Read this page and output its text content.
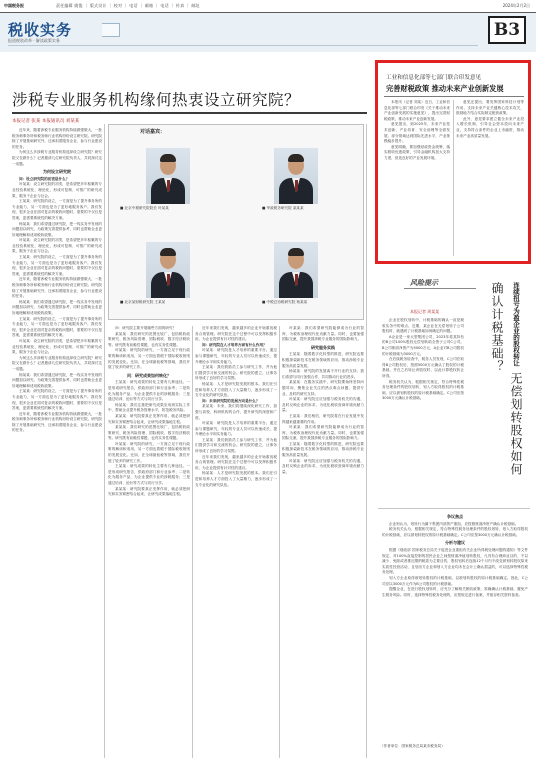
中国税务报	责任编辑 姚俊 ｜ 版式设计 ｜ 校对 ｜ 电话 ｜ 邮箱 ｜ 电话 ｜ 传真 ｜ 邮址	2024年2月2日
税收实务
报道税收改革 · 解读政策实务
B3
涉税专业服务机构缘何热衷设立研究院？
本报记者 张某 本报通讯员 刘某某

近年来，随着涉税专业服务机构持续做强做大，一批税务师事务所和税务师行业机构纷纷设立研究院。研究院除了开展基础研究外，还承担着服务企业、参与行业建设的任务。

为何这么多涉税专业服务机构选择设立研究院？研究院又在做什么？记者邀请几位研究院负责人，共同探讨这一话题。

为何设立研究院

问：设立研究院的初衷是什么？

叶某某：设立研究院的初衷，是希望把多年积累的专业经验系统化、理论化，形成可复制、可推广的研究成果，服务于企业与社会。

王某某：研究院的设立，一方面是为了提升事务所的专业能力，另一方面也是为了更好地服务客户。我们发现，很多企业在面对复杂的税收问题时，需要的不仅仅是答案，更需要系统性的解决方案。

杨某某：我们希望通过研究院，把一线实务中发现的问题加以研究，为政策完善提供参考，同时也帮助企业更好地理解和适用税收政策。

叶某某：设立研究院的初衷，是希望把多年积累的专业经验系统化、理论化，形成可复制、可推广的研究成果，服务于企业与社会。

王某某：研究院的设立，一方面是为了提升事务所的专业能力，另一方面也是为了更好地服务客户。我们发现，很多企业在面对复杂的税收问题时，需要的不仅仅是答案，更需要系统性的解决方案。

近年来，随着涉税专业服务机构持续做强做大，一批税务师事务所和税务师行业机构纷纷设立研究院。研究院除了开展基础研究外，还承担着服务企业、参与行业建设的任务。

杨某某：我们希望通过研究院，把一线实务中发现的问题加以研究，为政策完善提供参考，同时也帮助企业更好地理解和适用税收政策。

王某某：研究院的设立，一方面是为了提升事务所的专业能力，另一方面也是为了更好地服务客户。我们发现，很多企业在面对复杂的税收问题时，需要的不仅仅是答案，更需要系统性的解决方案。

叶某某：设立研究院的初衷，是希望把多年积累的专业经验系统化、理论化，形成可复制、可推广的研究成果，服务于企业与社会。

为何这么多涉税专业服务机构选择设立研究院？研究院又在做什么？记者邀请几位研究院负责人，共同探讨这一话题。

杨某某：我们希望通过研究院，把一线实务中发现的问题加以研究，为政策完善提供参考，同时也帮助企业更好地理解和适用税收政策。

王某某：研究院的设立，一方面是为了提升事务所的专业能力，另一方面也是为了更好地服务客户。我们发现，很多企业在面对复杂的税收问题时，需要的不仅仅是答案，更需要系统性的解决方案。

近年来，随着涉税专业服务机构持续做强做大，一批税务师事务所和税务师行业机构纷纷设立研究院。研究院除了开展基础研究外，还承担着服务企业、参与行业建设的任务。

对话嘉宾：
■ 北京中税研究院院长 叶某某	■ 华政税务研究院 某某某
■ 北京某财税研究院 王某某	■ 中税总协税研究院 杨某某

问：研究院主要开展哪些方面的研究？

某某某：我们研究的范围比较广，包括税收政策研究、税务风险管理、国际税收、数字经济税收等。研究既有前瞻性课题，也有实务性课题。

叶某某：研究院的研究，一方面立足于现行政策的解读和适用，另一方面也着眼于国际税收规则的发展变化。比如，在全球最低税等领域，我们开展了较多的研究工作。

问：研究成果如何转化？

王某某：研究成果的转化主要有几种途径。一是形成研究报告，供政府部门和行业参考；二是转化为服务产品，为企业提供专业的涉税服务；三是通过培训、论坛等方式与同行分享。

杨某某：我们注重把研究成果应用到实际工作中，帮助企业提升税务管理水平，防范税务风险。

某某某：研究院要真正发挥作用，就必须把研究和实务紧密结合起来，让研究成果落地生根。

某某某：我们研究的范围比较广，包括税收政策研究、税务风险管理、国际税收、数字经济税收等。研究既有前瞻性课题，也有实务性课题。

叶某某：研究院的研究，一方面立足于现行政策的解读和适用，另一方面也着眼于国际税收规则的发展变化。比如，在全球最低税等领域，我们开展了较多的研究工作。

王某某：研究成果的转化主要有几种途径。一是形成研究报告，供政府部门和行业参考；二是转化为服务产品，为企业提供专业的涉税服务；三是通过培训、论坛等方式与同行分享。

某某某：研究院要真正发挥作用，就必须把研究和实务紧密结合起来，让研究成果落地生根。

近年来我们发现，越来越多的企业开始重视税务合规管理。研究院在这个过程中可以发挥积极作用，为企业提供有针对性的建议。

问：研究院在人才培养方面有什么作用？

叶某某：研究院是人才培养的重要平台。通过参与课题研究，年轻的专业人员可以快速成长，提升理论水平和实务能力。

王某某：我们鼓励员工参与研究工作，并为他们提供学习和交流的机会。研究院的建立，让事务所形成了良好的学习氛围。

杨某某：人才是研究院发展的根本。我们在引进和培养人才方面投入了大量精力，逐步形成了一支专业化的研究队伍。

问：未来研究院的发展方向是什么？

某某某：未来，我们将继续深化研究工作，加强与高校、科研机构的合作，提升研究的深度和广度。

叶某某：研究院是人才培养的重要平台。通过参与课题研究，年轻的专业人员可以快速成长，提升理论水平和实务能力。

王某某：我们鼓励员工参与研究工作，并为他们提供学习和交流的机会。研究院的建立，让事务所形成了良好的学习氛围。

近年来我们发现，越来越多的企业开始重视税务合规管理。研究院在这个过程中可以发挥积极作用，为企业提供有针对性的建议。

杨某某：人才是研究院发展的根本。我们在引进和培养人才方面投入了大量精力，逐步形成了一支专业化的研究队伍。

叶某某：我们希望研究院能够成为行业的智库，为税收治理现代化贡献力量。同时，也要加强国际交流，提升我国涉税专业服务的国际影响力。

研究服务实践

王某某：随着数字化转型的推进，研究院也要积极探索新技术在税务领域的应用，推动涉税专业服务高质量发展。

杨某某：研究院的发展离不开行业的支持。我们希望与同行加强合作，共同推动行业的进步。

某某某：在服务实践中，研究院要始终坚持问题导向，聚焦企业关注的热点难点问题，提供专业、及时的研究支持。

叶某某：研究院还应加强与税务机关的沟通，及时反映企业的诉求，为优化税收营商环境贡献力量。

王某某：我们相信，研究院将在行业发展中发挥越来越重要的作用。

叶某某：我们希望研究院能够成为行业的智库，为税收治理现代化贡献力量。同时，也要加强国际交流，提升我国涉税专业服务的国际影响力。

王某某：随着数字化转型的推进，研究院也要积极探索新技术在税务领域的应用，推动涉税专业服务高质量发展。

叶某某：研究院还应加强与税务机关的沟通，及时反映企业的诉求，为优化税收营商环境贡献力量。

工业和信息化部等七部门联合印发意见
完善财税政策 推动未来产业创新发展

本报讯（记者 刘某）近日，工业和信息化部等七部门联合印发《关于推动未来产业创新发展的实施意见》，提出完善财税政策，推动未来产业创新发展。

意见提出，到2025年，未来产业技术创新、产业培育、安全治理等全面发展，部分领域达到国际先进水平，产业规模稳步提升。

意见明确，要加强财政资金统筹，落实税收优惠政策，引导金融机构加大支持力度，营造良好的产业发展环境。

意见还提出，要发挥国家科技计划等作用，支持未来产业关键核心技术攻关，鼓励地方结合实际制定配套政策。

此外，意见要求建立健全未来产业投入增长机制，引导社会资本投向未来产业，支持符合条件的企业上市融资，推动未来产业高质量发展。

风险提示
本报记者 周某某	连续扭亏为盈企业的股权转让 无偿划转股权如何确认计税基础？

企业在股权划转中，计税基础的确认一直是税收实务中的难点。近期，某企业在无偿划转子公司股权时，就遇到了计税基础如何确定的问题。

A企业是一家大型集团公司，2023年将其持有的B公司100%股权无偿划转给全资子公司C公司。B公司账面净资产为5000万元，A企业对B公司股权的计税基础为3000万元。

在后续税务检查中，税务人员发现，C公司在取得B公司股权后，按照5000万元确认了股权的计税基础，并在之后转让该股权时，以此计算股权转让所得。

税务机关认为，根据相关规定，符合特殊性税务处理条件的股权划转，划入方取得股权的计税基础，应以被划转股权的原计税基础确定。C公司应按3000万元确认计税基础。

争议焦点

企业则认为，划转行为属于集团内部资产重组，应按照账面净资产确认计税基础。

税务机关认为，根据相关规定，符合特殊性税务处理条件的股权划转，划入方取得股权的计税基础，应以被划转股权的原计税基础确定。C公司应按3000万元确认计税基础。

分析与建议

根据《财政部 国家税务总局关于促进企业重组有关企业所得税处理问题的通知》等文件规定，对100%直接控制的居民企业之间按账面净值划转股权，凡具有合理商业目的、不以减少、免除或者推迟缴纳税款为主要目的，股权划转后连续12个月内不改变被划转股权原来实质性经营活动，且划出方企业和划入方企业均未在会计上确认损益的，可以选择特殊性税务处理。

划入方企业取得被划转股权的计税基础，以被划转股权的原计税基础确定。因此，C公司应以3000万元作为B公司股权的计税基础。

提醒企业，在进行股权划转时，应充分了解相关税收政策，准确确认计税基础，避免产生税务风险。同时，选择特殊性税务处理的，应按规定进行备案，并留存相关资料备查。

（作者单位：国家税务总局某市税务局）
